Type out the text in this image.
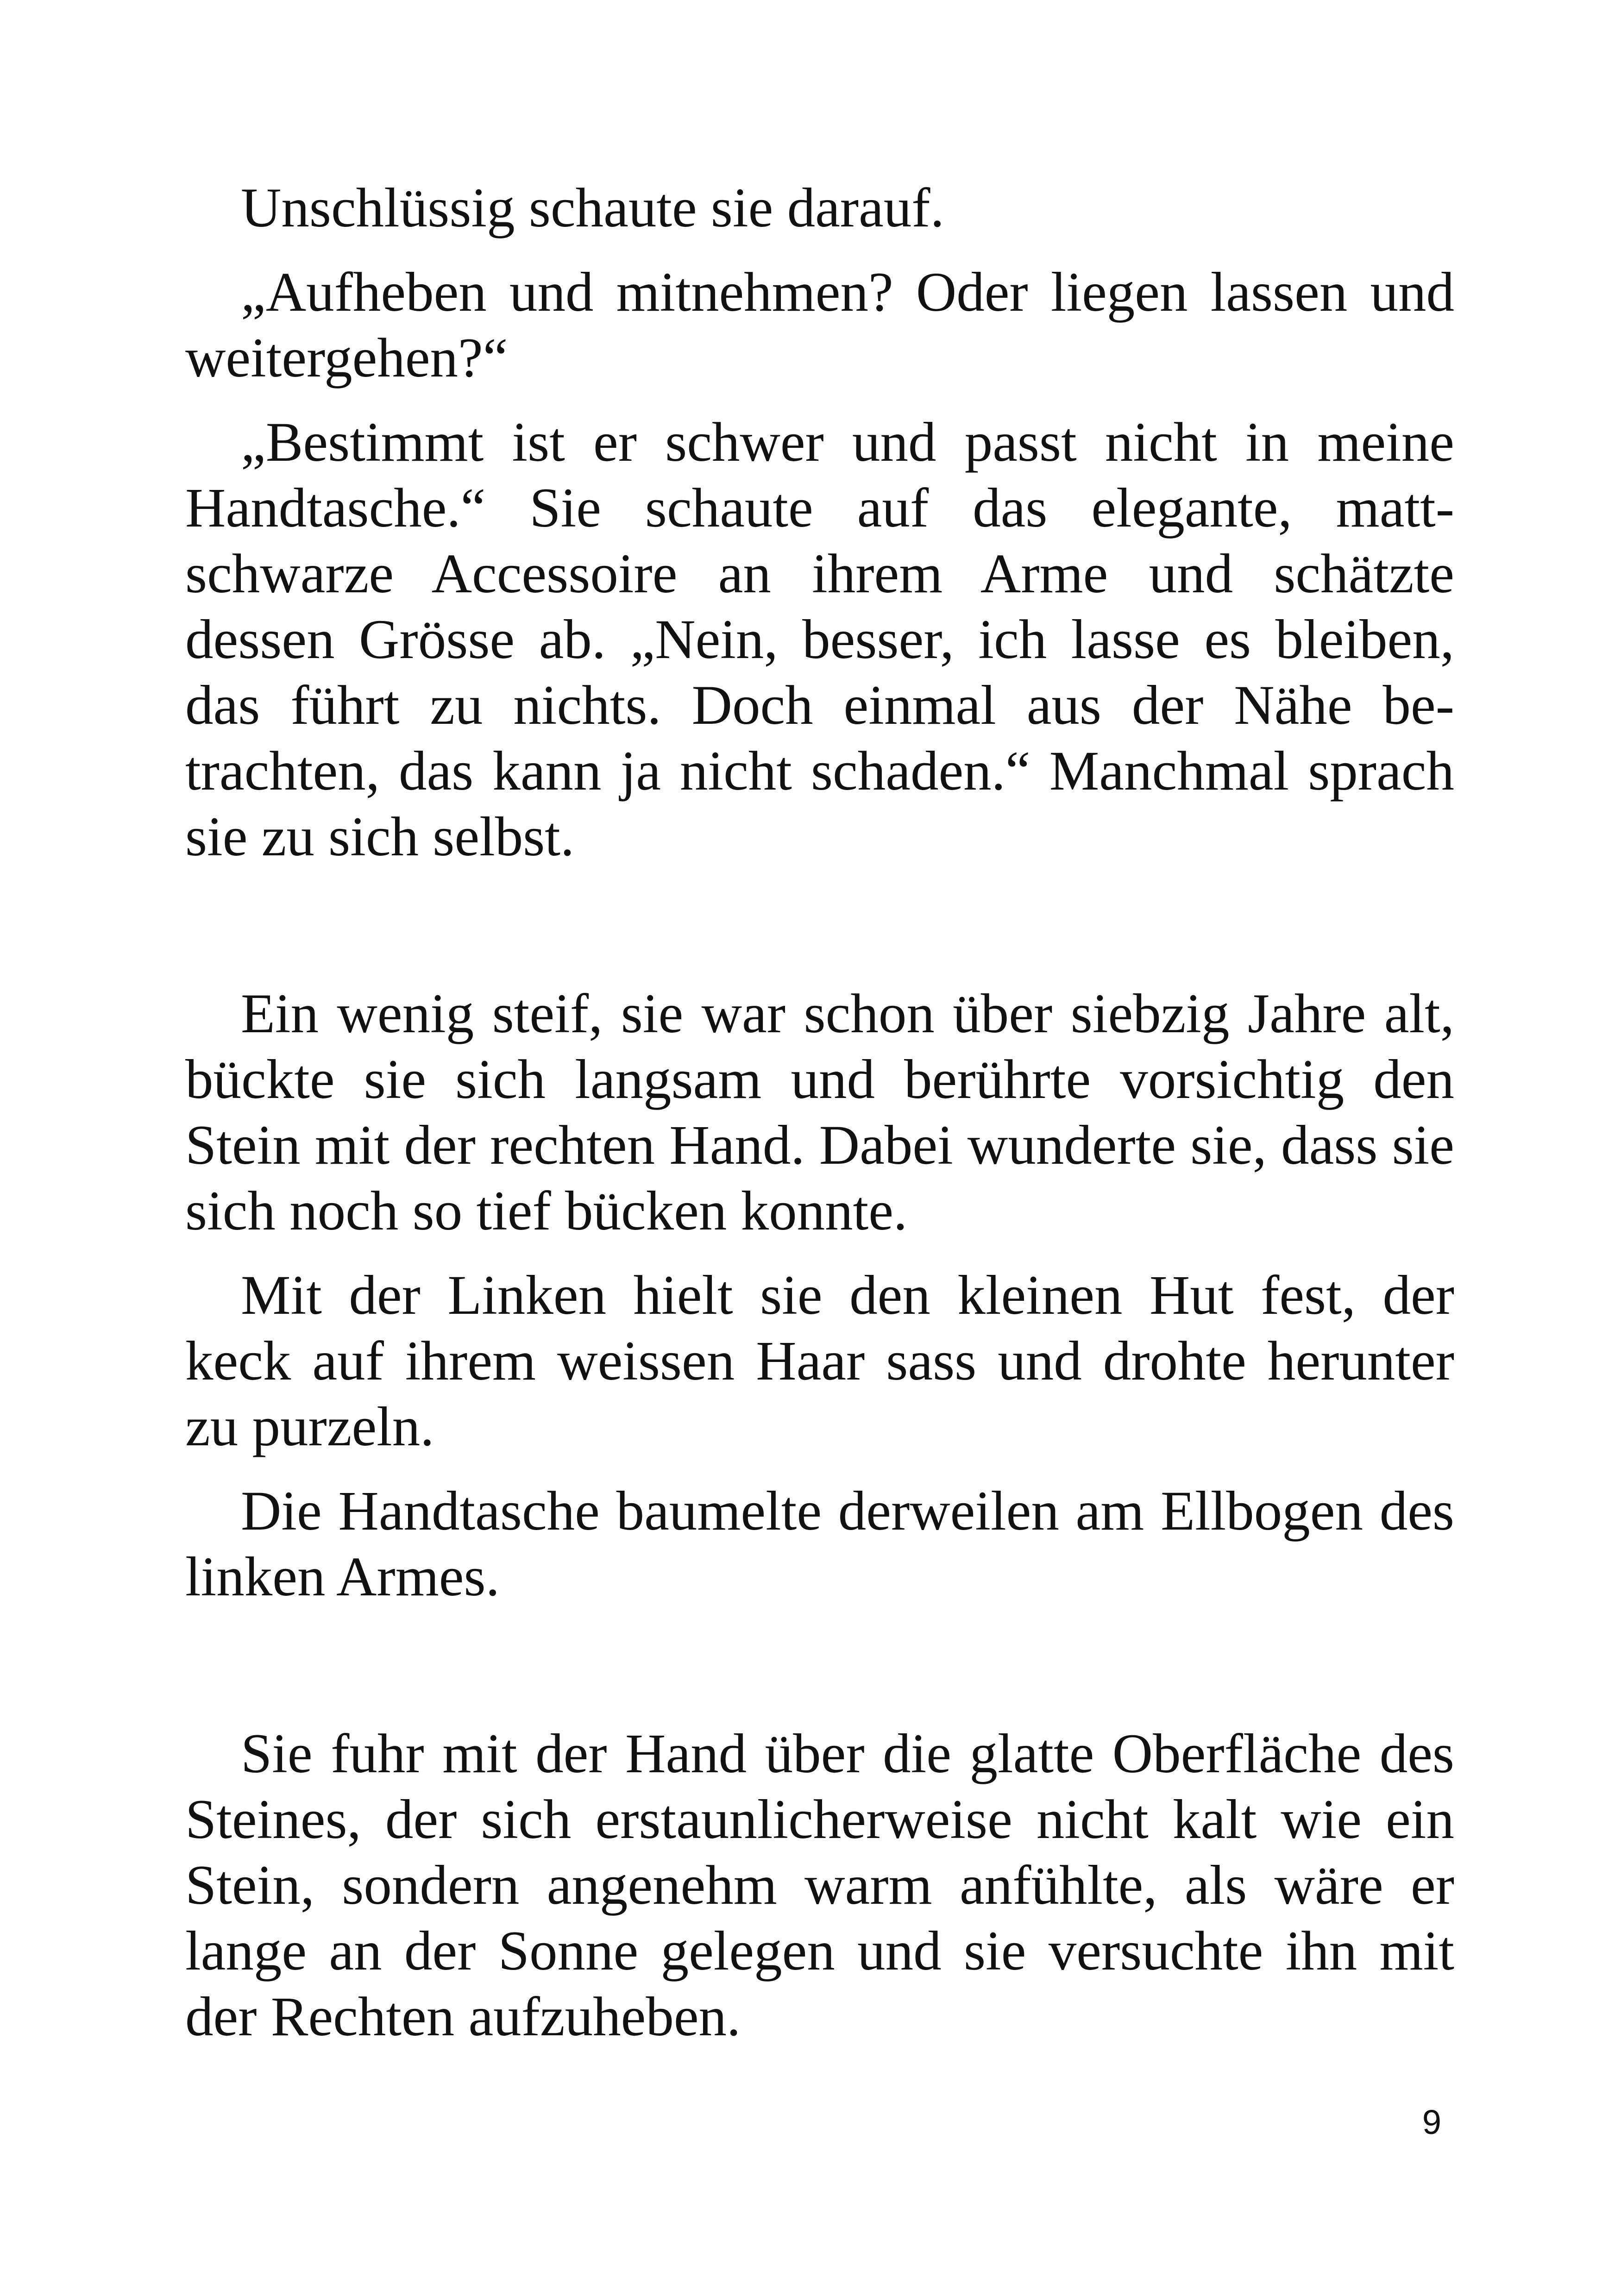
Unschlüssig schaute sie darauf.

„Aufheben und mitnehmen? Oder liegen lassen und weitergehen?“

„Bestimmt ist er schwer und passt nicht in meine Handtasche.“ Sie schaute auf das elegante, mattschwarze Accessoire an ihrem Arme und schätzte dessen Grösse ab. „Nein, besser, ich lasse es bleiben, das führt zu nichts. Doch einmal aus der Nähe betrachten, das kann ja nicht schaden.“ Manchmal sprach sie zu sich selbst.

Ein wenig steif, sie war schon über siebzig Jahre alt, bückte sie sich langsam und berührte vorsichtig den Stein mit der rechten Hand. Dabei wunderte sie, dass sie sich noch so tief bücken konnte.

Mit der Linken hielt sie den kleinen Hut fest, der keck auf ihrem weissen Haar sass und drohte herunter zu purzeln.

Die Handtasche baumelte derweilen am Ellbogen des linken Armes.

Sie fuhr mit der Hand über die glatte Oberfläche des Steines, der sich erstaunlicherweise nicht kalt wie ein Stein, sondern angenehm warm anfühlte, als wäre er lange an der Sonne gelegen und sie versuchte ihn mit der Rechten aufzuheben.

9
